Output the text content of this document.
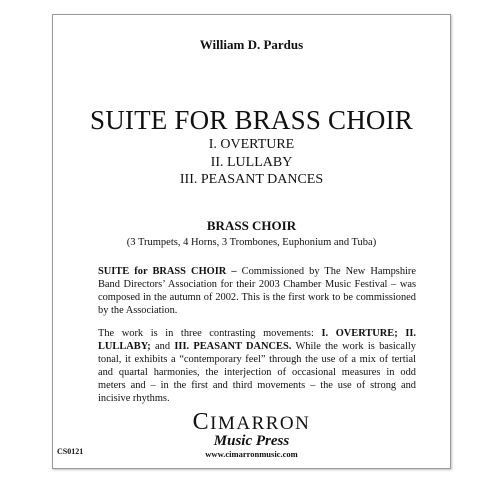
William D. Pardus
SUITE FOR BRASS CHOIR
I. OVERTURE
II. LULLABY
III. PEASANT DANCES
BRASS CHOIR
(3 Trumpets, 4 Horns, 3 Trombones, Euphonium and Tuba)

SUITE for BRASS CHOIR – Commissioned by The New Hampshire Band Directors’ Association for their 2003 Chamber Music Festival – was composed in the autumn of 2002. This is the first work to be commissioned by the Association.

The work is in three contrasting movements: I. OVERTURE; II. LULLABY; and III. PEASANT DANCES. While the work is basically tonal, it exhibits a “contemporary feel” through the use of a mix of tertial and quartal harmonies, the interjection of occasional measures in odd meters and – in the first and third movements – the use of strong and incisive rhythms.

CIMARRON
Music Press
www.cimarronmusic.com
CS0121
